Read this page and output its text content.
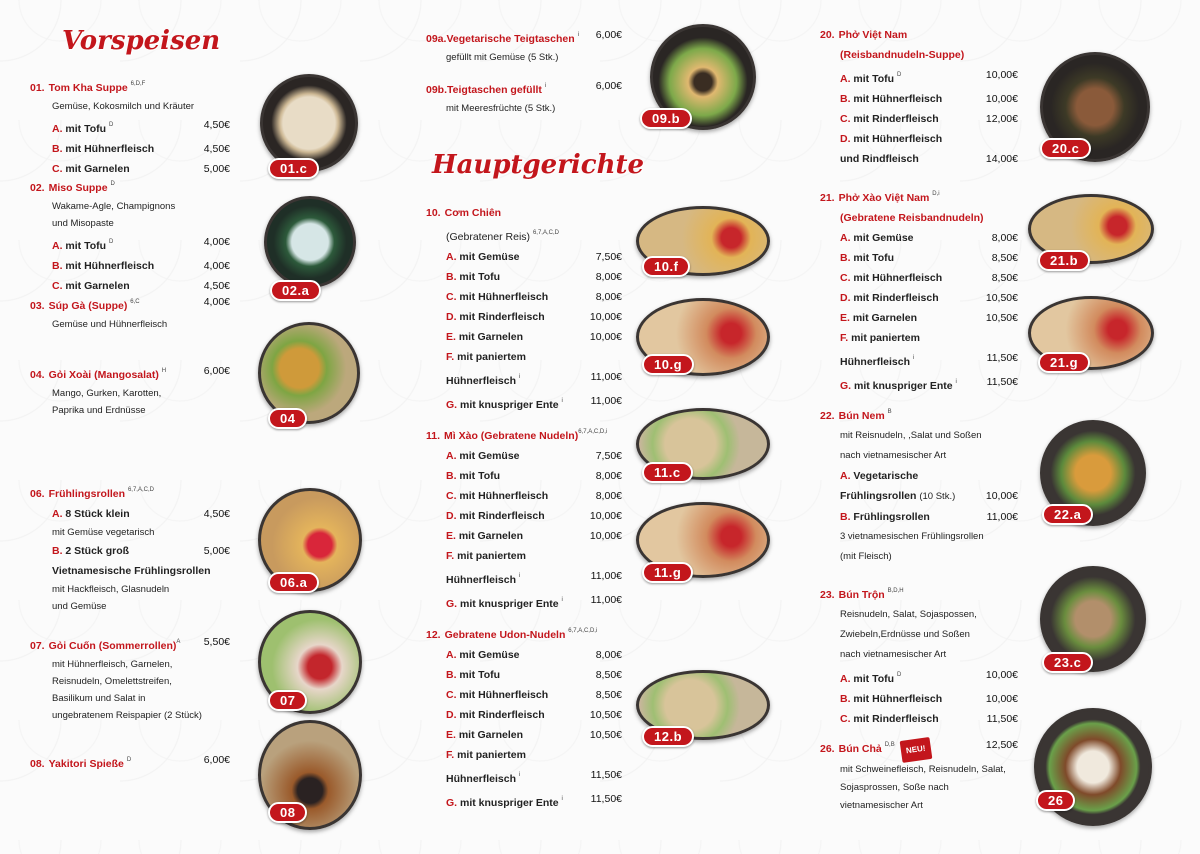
Vorspeisen
Hauptgerichte
01. Tom Kha Suppe $^{6,D,F}$
Gemüse, Kokosmilch und Kräuter
A. mit Tofu $^D$	4,50€
B. mit Hühnerfleisch	4,50€
C. mit Garnelen	5,00€
02. Miso Suppe $^D$
Wakame-Agle, Champignons
und Misopaste
A. mit Tofu $^D$	4,00€
B. mit Hühnerfleisch	4,00€
C. mit Garnelen	4,50€
03. Súp Gà (Suppe) $^{6,C}$	4,00€
Gemüse und Hühnerfleisch
04. Gỏi Xoài (Mangosalat) $^H$	6,00€
Mango, Gurken, Karotten,
Paprika und Erdnüsse
06. Frühlingsrollen $^{6,7,A,C,D}$
A. 8 Stück klein	4,50€
mit Gemüse vegetarisch
B. 2 Stück groß	5,00€
Vietnamesische Frühlingsrollen
mit Hackfleisch, Glasnudeln
und Gemüse
07. Gỏi Cuốn (Sommerrollen)$^A$ 5,50€
mit Hühnerfleisch, Garnelen,
Reisnudeln, Omelettstreifen,
Basilikum und Salat in
ungebratenem Reispapier (2 Stück)
08. Yakitori Spieße $^D$	6,00€
01.c
02.a
04
06.a
07
08
09a.Vegetarische Teigtaschen $^i$ 6,00€
gefüllt mit Gemüse (5 Stk.)
09b.Teigtaschen gefüllt $^i$	6,00€
mit Meeresfrüchte (5 Stk.)
10. Cơm Chiên
(Gebratener Reis) $^{6,7,A,C,D}$
A. mit Gemüse	7,50€
B. mit Tofu	8,00€
C. mit Hühnerfleisch	8,00€
D. mit Rinderfleisch	10,00€
E. mit Garnelen	10,00€
F. mit paniertem
Hühnerfleisch $^i$	11,00€
G. mit knuspriger Ente $^i$	11,00€
11. Mì Xào (Gebratene Nudeln)$^{6,7,A,C,D,i}$
A. mit Gemüse	7,50€
B. mit Tofu	8,00€
C. mit Hühnerfleisch	8,00€
D. mit Rinderfleisch	10,00€
E. mit Garnelen	10,00€
F. mit paniertem
Hühnerfleisch $^i$	11,00€
G. mit knuspriger Ente $^i$	11,00€
12. Gebratene Udon-Nudeln $^{6,7,A,C,D,i}$
A. mit Gemüse	8,00€
B. mit Tofu	8,50€
C. mit Hühnerfleisch	8,50€
D. mit Rinderfleisch	10,50€
E. mit Garnelen	10,50€
F. mit paniertem
Hühnerfleisch $^i$	11,50€
G. mit knuspriger Ente $^i$	11,50€
09.b
10.f
10.g
11.c
11.g
12.b
20. Phở Việt Nam
(Reisbandnudeln-Suppe)
A. mit Tofu $^D$	10,00€
B. mit Hühnerfleisch	10,00€
C. mit Rinderfleisch	12,00€
D. mit Hühnerfleisch
und Rindfleisch	14,00€
21. Phở Xào Việt Nam $^{D,i}$
(Gebratene Reisbandnudeln)
A. mit Gemüse	8,00€
B. mit Tofu	8,50€
C. mit Hühnerfleisch	8,50€
D. mit Rinderfleisch	10,50€
E. mit Garnelen	10,50€
F. mit paniertem
Hühnerfleisch $^i$	11,50€
G. mit knuspriger Ente $^i$	11,50€
22. Bún Nem $^B$
mit Reisnudeln, ,Salat und Soßen
nach vietnamesischer Art
A. Vegetarische
Frühlingsrollen (10 Stk.)	10,00€
B. Frühlingsrollen	11,00€
3 vietnamesischen Frühlingsrollen
(mit Fleisch)
23. Bún Trộn $^{B,D,H}$
Reisnudeln, Salat, Sojaspossen,
Zwiebeln,Erdnüsse und Soßen
nach vietnamesischer Art
A. mit Tofu $^D$	10,00€
B. mit Hühnerfleisch	10,00€
C. mit Rinderfleisch	11,50€
26. Bún Chả $^{D,B}$ NEU!	12,50€
mit Schweinefleisch, Reisnudeln, Salat,
Sojasprossen, Soße nach
vietnamesischer Art
20.c
21.b
21.g
22.a
23.c
26
